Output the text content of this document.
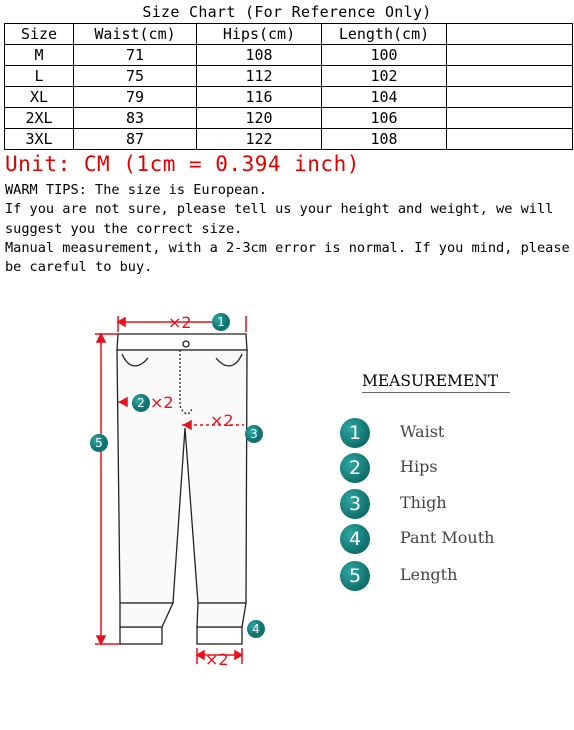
Size Chart (For Reference Only)
Size	Waist(cm)	Hips(cm)	Length(cm)	
M	71	108	100	
L	75	112	102	
XL	79	116	104	
2XL	83	120	106	
3XL	87	122	108	
Unit: CM (1cm = 0.394 inch)

WARM TIPS: The size is European.

If you are not sure, please tell us your height and weight, we will suggest you the correct size.

Manual measurement, with a 2-3cm error is normal. If you mind, please be careful to buy.

×2
×2
×2
×2
1
2
3
4
5
MEASUREMENT
1	Waist
2	Hips
3	Thigh
4	Pant Mouth
5	Length
